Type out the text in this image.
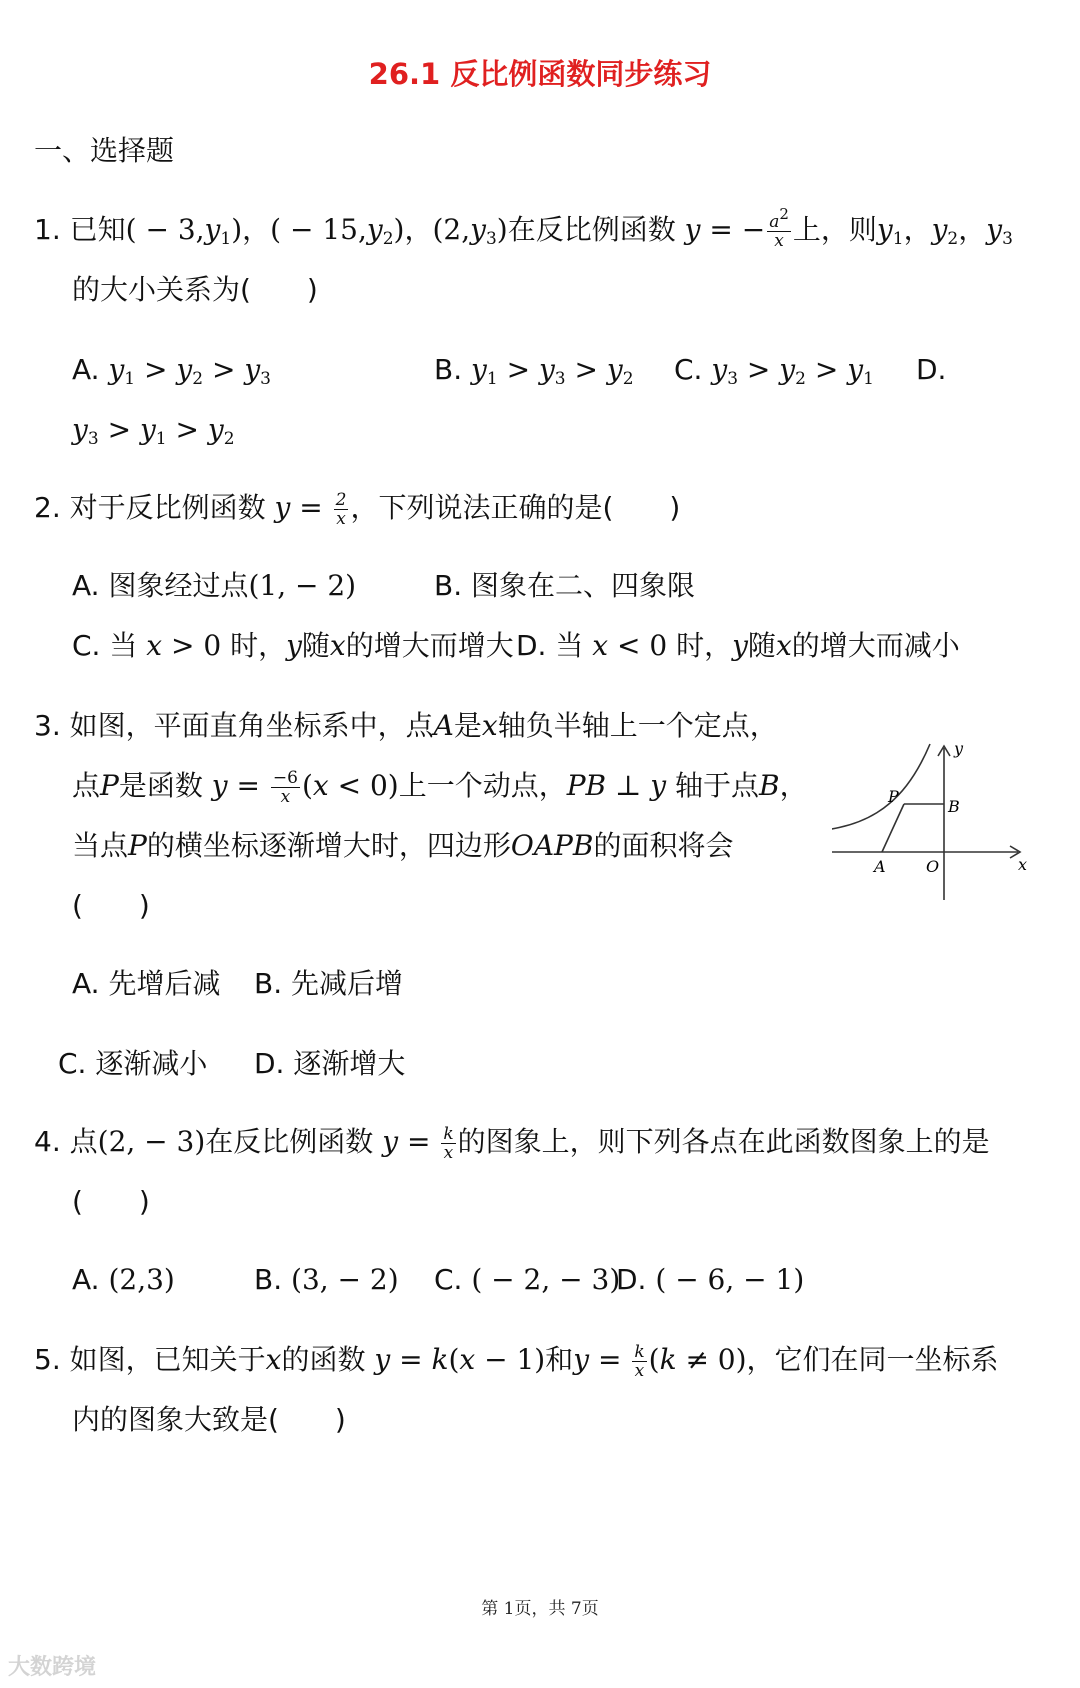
26.1 反比例函数同步练习
一、选择题
1. 已知( − $3,y_1$)，( − $15,y_2$)，$(2,y_3)$在反比例函数 y = − $\frac{a^2}{x}$ 上，则$y_1$，$y_2$，$y_3$
的大小关系为(　　)
A. $y_1 > y_2 > y_3$	B. $y_1 > y_3 > y_2$ C. $y_3 > y_2 > y_1$ D.
$y_3 > y_1 > y_2$
2. 对于反比例函数 $y = \frac{2}{x}$ ，下列说法正确的是(　　)
A. 图象经过点(1, − 2)	B. 图象在二、四象限
C. 当 x > 0 时，y随x的增大而增大 D. 当 x < 0 时，y随x的增大而减小
3. 如图，平面直角坐标系中，点A是x轴负半轴上一个定点，
点P是函数 $y = \frac{-6}{x} (x < 0)$上一个动点，PB ⊥ y 轴于点B，
当点P的横坐标逐渐增大时，四边形OAPB的面积将会
(　　)
y
x
P
B
A	O
A. 先增后减 B. 先减后增
C. 逐渐减小 D. 逐渐增大
4. 点(2, − 3)在反比例函数 $y = \frac{k}{x}$ 的图象上，则下列各点在此函数图象上的是
(　　)
A. (2,3)	B. (3, − 2) C. ( − 2, − 3)
D. ( − 6, − 1)
5. 如图，已知关于x的函数 y = k(x − 1)和$y = \frac{k}{x} (k \ne 0)$，它们在同一坐标系
内的图象大致是(　　)
第 1页，共 7页
大数跨境
